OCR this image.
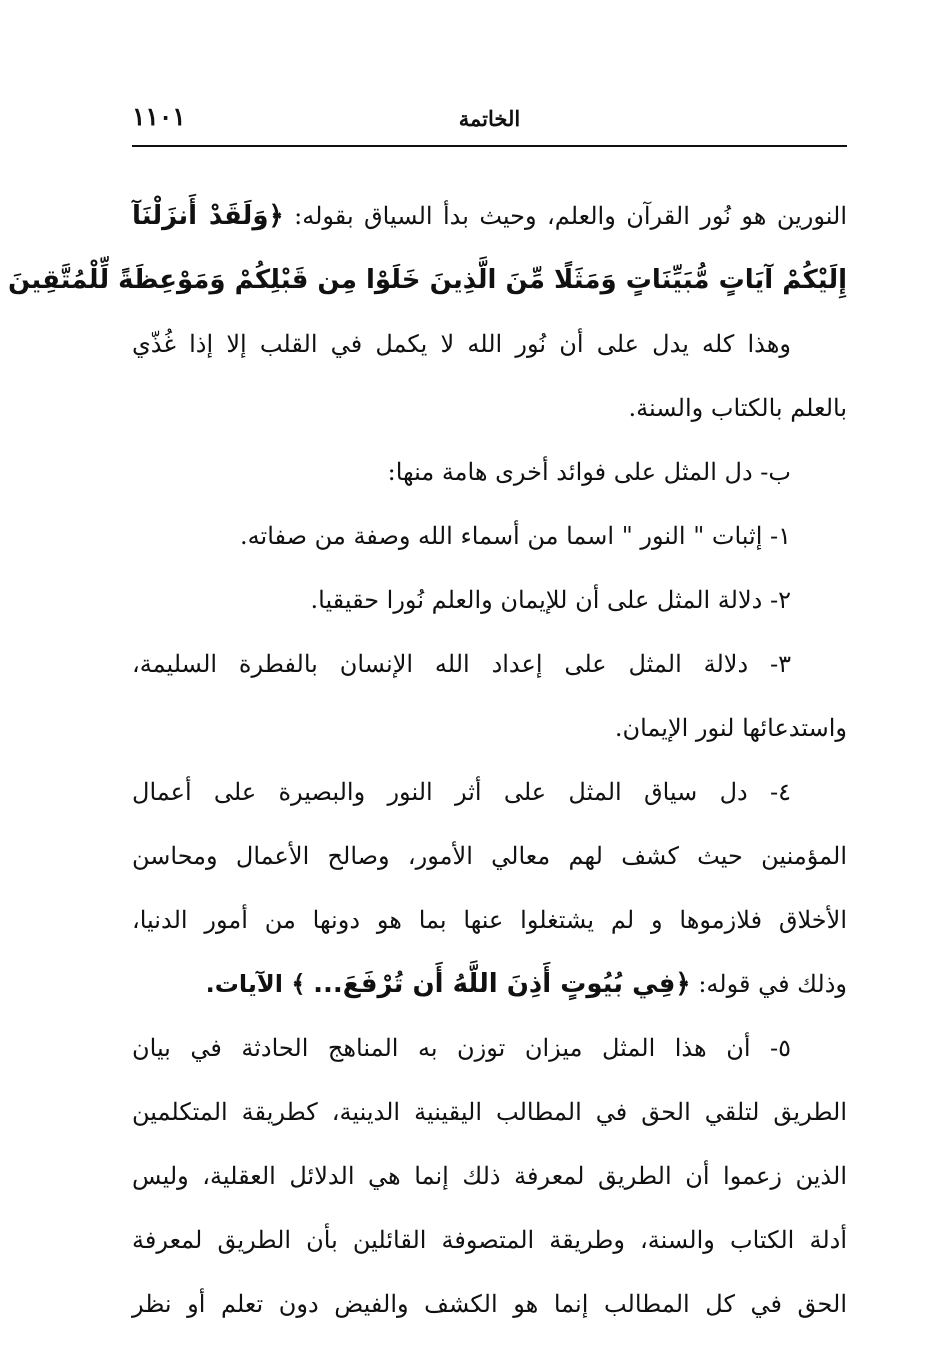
الخاتمة
١١٠١
النورين هو نُور القرآن والعلم، وحيث بدأ السياق بقوله: ﴿وَلَقَدْ أَنزَلْنَآ
إِلَيْكُمْ آيَاتٍ مُّبَيِّنَاتٍ وَمَثَلًا مِّنَ الَّذِينَ خَلَوْا مِن قَبْلِكُمْ وَمَوْعِظَةً لِّلْمُتَّقِينَ
وهذا كله يدل على أن نُور الله لا يكمل في القلب إلا إذا غُذّي
بالعلم بالكتاب والسنة.
ب- دل المثل على فوائد أخرى هامة منها:
١- إثبات " النور " اسما من أسماء الله وصفة من صفاته.
٢- دلالة المثل على أن للإيمان والعلم نُورا حقيقيا.
٣- دلالة المثل على إعداد الله الإنسان بالفطرة السليمة،
واستدعائها لنور الإيمان.
٤- دل سياق المثل على أثر النور والبصيرة على أعمال
المؤمنين حيث كشف لهم معالي الأمور، وصالح الأعمال ومحاسن
الأخلاق فلازموها و لم يشتغلوا عنها بما هو دونها من أمور الدنيا،
وذلك في قوله: ﴿فِي بُيُوتٍ أَذِنَ اللَّهُ أَن تُرْفَعَ... ﴾ الآيات.
٥- أن هذا المثل ميزان توزن به المناهج الحادثة في بيان
الطريق لتلقي الحق في المطالب اليقينية الدينية، كطريقة المتكلمين
الذين زعموا أن الطريق لمعرفة ذلك إنما هي الدلائل العقلية، وليس
أدلة الكتاب والسنة، وطريقة المتصوفة القائلين بأن الطريق لمعرفة
الحق في كل المطالب إنما هو الكشف والفيض دون تعلم أو نظر
